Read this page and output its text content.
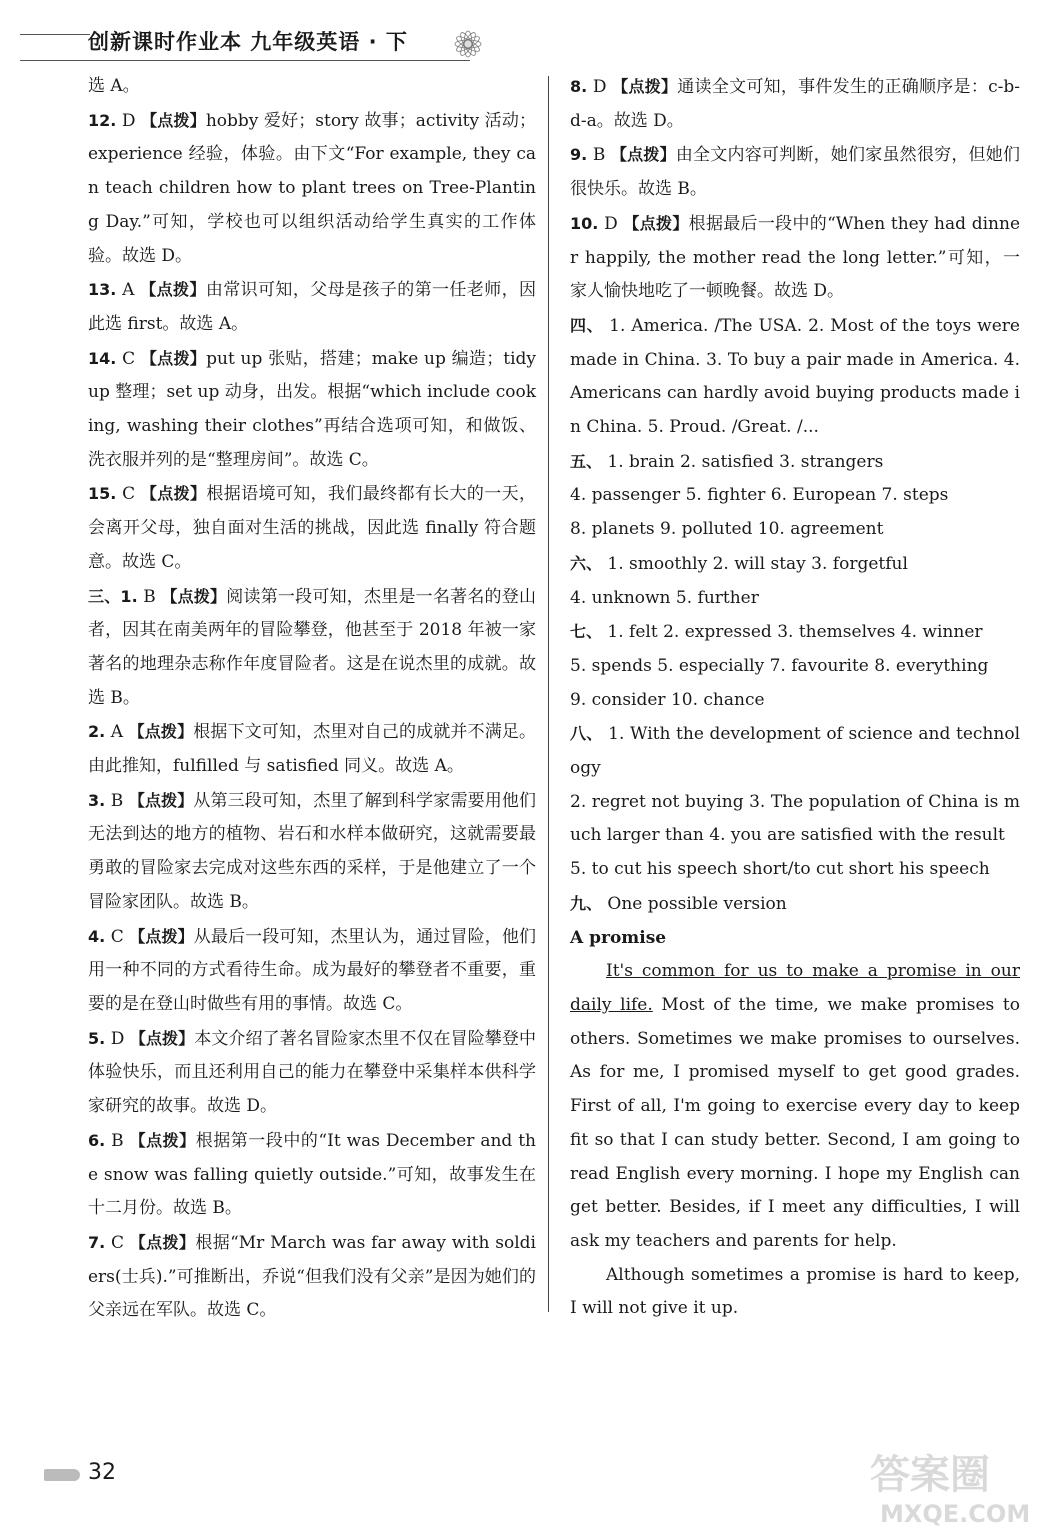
创新课时作业本 九年级英语 · 下

选 A。

12. D 【点拨】hobby 爱好；story 故事；activity 活动；experience 经验，体验。由下文“For example, they can teach children how to plant trees on Tree-Planting Day.”可知，学校也可以组织活动给学生真实的工作体验。故选 D。

13. A 【点拨】由常识可知，父母是孩子的第一任老师，因此选 first。故选 A。

14. C 【点拨】put up 张贴，搭建；make up 编造；tidy up 整理；set up 动身，出发。根据“which include cooking, washing their clothes”再结合选项可知，和做饭、洗衣服并列的是“整理房间”。故选 C。

15. C 【点拨】根据语境可知，我们最终都有长大的一天，会离开父母，独自面对生活的挑战，因此选 finally 符合题意。故选 C。

三、1. B 【点拨】阅读第一段可知，杰里是一名著名的登山者，因其在南美两年的冒险攀登，他甚至于 2018 年被一家著名的地理杂志称作年度冒险者。这是在说杰里的成就。故选 B。

2. A 【点拨】根据下文可知，杰里对自己的成就并不满足。由此推知，fulfilled 与 satisfied 同义。故选 A。

3. B 【点拨】从第三段可知，杰里了解到科学家需要用他们无法到达的地方的植物、岩石和水样本做研究，这就需要最勇敢的冒险家去完成对这些东西的采样，于是他建立了一个冒险家团队。故选 B。

4. C 【点拨】从最后一段可知，杰里认为，通过冒险，他们用一种不同的方式看待生命。成为最好的攀登者不重要，重要的是在登山时做些有用的事情。故选 C。

5. D 【点拨】本文介绍了著名冒险家杰里不仅在冒险攀登中体验快乐，而且还利用自己的能力在攀登中采集样本供科学家研究的故事。故选 D。

6. B 【点拨】根据第一段中的“It was December and the snow was falling quietly outside.”可知，故事发生在十二月份。故选 B。

7. C 【点拨】根据“Mr March was far away with soldiers(士兵).”可推断出，乔说“但我们没有父亲”是因为她们的父亲远在军队。故选 C。

8. D 【点拨】通读全文可知，事件发生的正确顺序是：c-b-d-a。故选 D。

9. B 【点拨】由全文内容可判断，她们家虽然很穷，但她们很快乐。故选 B。

10. D 【点拨】根据最后一段中的“When they had dinner happily, the mother read the long letter.”可知，一家人愉快地吃了一顿晚餐。故选 D。

四、 1. America. /The USA. 2. Most of the toys were made in China. 3. To buy a pair made in America. 4. Americans can hardly avoid buying products made in China. 5. Proud. /Great. /...

五、 1. brain 2. satisfied 3. strangers

4. passenger 5. fighter 6. European 7. steps

8. planets 9. polluted 10. agreement

六、 1. smoothly 2. will stay 3. forgetful

4. unknown 5. further

七、 1. felt 2. expressed 3. themselves 4. winner

5. spends 5. especially 7. favourite 8. everything

9. consider 10. chance

八、 1. With the development of science and technology

2. regret not buying 3. The population of China is much larger than 4. you are satisfied with the result

5. to cut his speech short/to cut short his speech

九、 One possible version

A promise

It's common for us to make a promise in our daily life. Most of the time, we make promises to others. Sometimes we make promises to ourselves. As for me, I promised myself to get good grades. First of all, I'm going to exercise every day to keep fit so that I can study better. Second, I am going to read English every morning. I hope my English can get better. Besides, if I meet any difficulties, I will ask my teachers and parents for help.

Although sometimes a promise is hard to keep, I will not give it up.

32	答案圈
MXQE.COM
